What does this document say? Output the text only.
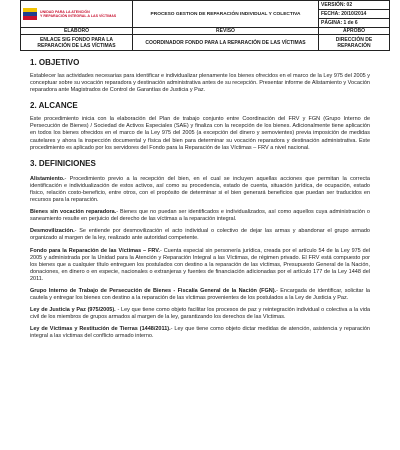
UNIDAD PARA LA ATENCIÓN
Y REPARACIÓN INTEGRAL A LAS VÍCTIMAS	PROCESO GESTION DE REPARACIÓN INDIVIDUAL Y COLECTIVA	VERSIÓN: 02
		FECHA: 20/10/2014
		PÁGINA: 1 de 6
ELABORÓ	REVISÓ	APROBÓ
ENLACE SIG FONDO PARA LA REPARACIÓN DE LAS VÍCTIMAS	COORDINADOR FONDO PARA LA REPARACIÓN DE LAS VÍCTIMAS	DIRECCIÓN DE REPARACIÓN
1. OBJETIVO

Establecer las actividades necesarias para identificar e individualizar plenamente los bienes ofrecidos en el marco de la Ley 975 del 2005 y conceptuar sobre su vocación reparadora y destinación administrativa antes de su recepción. Presentar informe de Alistamiento y Vocación reparadora ante Magistrados de Control de Garantías de Justicia y Paz.

2. ALCANCE

Este procedimiento inicia con la elaboración del Plan de trabajo conjunto entre Coordinación del FRV y FGN (Grupo Interno de Persecución de Bienes) / Sociedad de Activos Especiales (SAE) y finaliza con la recepción de los bienes. Adicionalmente tiene aplicación en todos los bienes ofrecidos en el marco de la Ley 975 del 2005 (a excepción del dinero y semovientes) previa imposición de medidas cautelares y ahora la inspección documental y física del bien para determinar su vocación reparadora y destinación administrativa. Este procedimiento es aplicado por los servidores del Fondo para la Reparación de las Víctimas – FRV a nivel nacional.

3. DEFINICIONES

Alistamiento.- Procedimiento previo a la recepción del bien, en el cual se incluyen aquellas acciones que permitan la correcta identificación e individualización de estos activos, así como su procedencia, estado de cuenta, situación jurídica, de ocupación, estado físico, relación costo-beneficio, entre otros, con el propósito de determinar si el bien generará beneficios que puedan ser traducidos en recursos para la reparación.

Bienes sin vocación reparadora.- Bienes que no puedan ser identificados e individualizados, así como aquellos cuya administración o saneamiento resulte en perjuicio del derecho de las víctimas a la reparación integral.

Desmovilización.- Se entiende por desmovilización el acto individual o colectivo de dejar las armas y abandonar el grupo armado organizado al margen de la ley, realizado ante autoridad competente.

Fondo para la Reparación de las Víctimas – FRV.- Cuenta especial sin personería jurídica, creada por el artículo 54 de la Ley 975 del 2005 y administrada por la Unidad para la Atención y Reparación Integral a las Víctimas, de régimen privado. El FRV está compuesto por los bienes que a cualquier título entreguen los postulados con destino a la reparación de las víctimas, Presupuesto General de la Nación, donaciones, en dinero o en especie, nacionales o extranjeras y fuentes de financiación adicionadas por el artículo 177 de la Ley 1448 del 2011.

Grupo Interno de Trabajo de Persecución de Bienes - Fiscalía General de la Nación (FGN).- Encargada de identificar, solicitar la cautela y entregar los bienes con destino a la reparación de las víctimas provenientes de los postulados a la Ley de Justicia y Paz.

Ley de Justicia y Paz (975/2005). - Ley que tiene como objeto facilitar los procesos de paz y reintegración individual o colectiva a la vida civil de los miembros de grupos armados al margen de la ley, garantizando los derechos de las Víctimas.

Ley de Víctimas y Restitución de Tierras (1448/2011).- Ley que tiene como objeto dictar medidas de atención, asistencia y reparación integral a las víctimas del conflicto armado interno.
